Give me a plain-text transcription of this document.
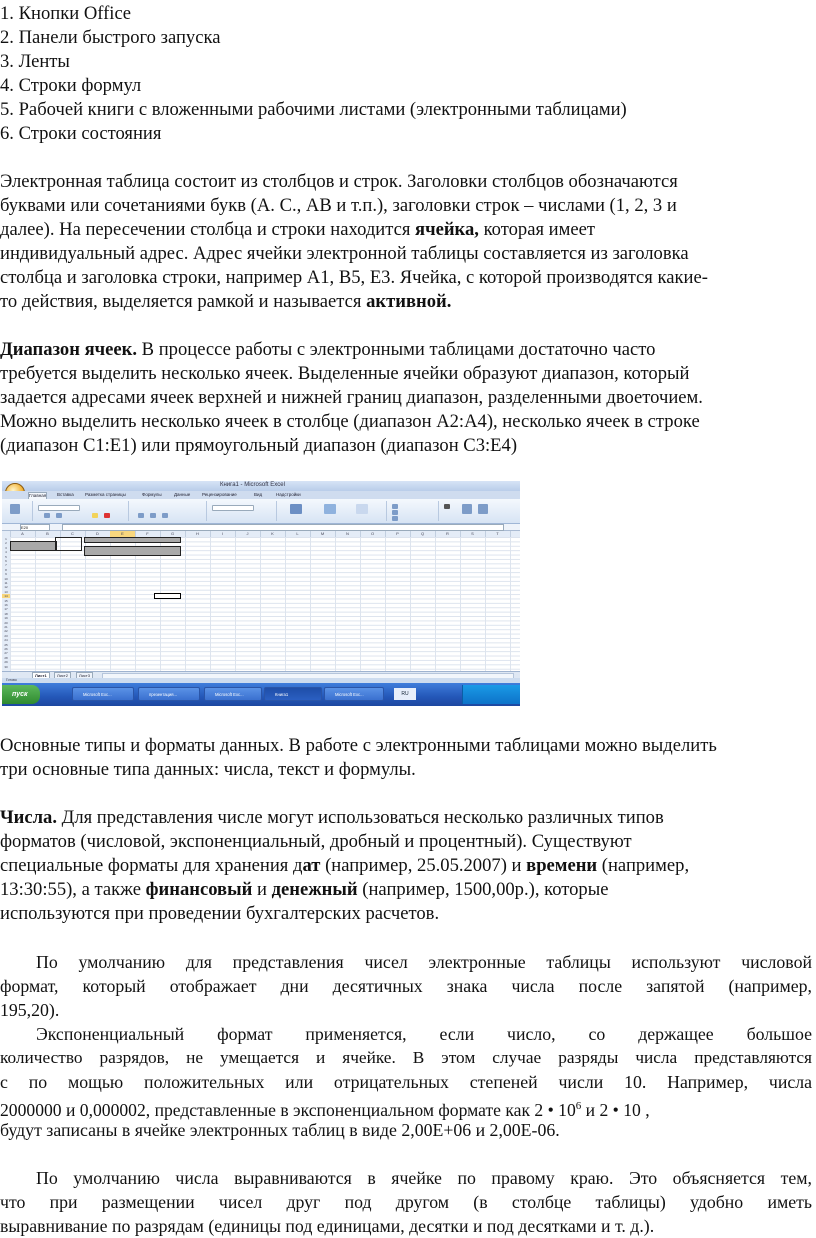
1. Кнопки Office

2. Панели быстрого запуска

3. Ленты

4. Строки формул

5. Рабочей книги с вложенными рабочими листами (электронными таблицами)

6. Строки состояния

Электронная таблица состоит из столбцов и строк. Заголовки столбцов обозначаются

буквами или сочетаниями букв (А. С., АВ и т.п.), заголовки строк – числами (1, 2, 3 и

далее). На пересечении столбца и строки находится ячейка, которая имеет

индивидуальный адрес. Адрес ячейки электронной таблицы составляется из заголовка

столбца и заголовка строки, например А1, В5, Е3. Ячейка, с которой производятся какие-

то действия, выделяется рамкой и называется активной.

Диапазон ячеек. В процессе работы с электронными таблицами достаточно часто

требуется выделить несколько ячеек. Выделенные ячейки образуют диапазон, который

задается адресами ячеек верхней и нижней границ диапазон, разделенными двоеточием.

Можно выделить несколько ячеек в столбце (диапазон А2:А4), несколько ячеек в строке

(диапазон С1:Е1) или прямоугольный диапазон (диапазон С3:Е4)

Книга1 - Microsoft Excel
Главная Вставка	Разметка страницы	Формулы	Данные	Рецензирование	Вид	Надстройки
E20
A	B	C	D	E	F	G	H	I	J	K	L	M	N	O	P	Q	R	S	T
1
2
3
4
5
6
7
8
9
10
11
12
13
14
15
16
17
18
19
20
21
22
23
24
25
26
27
28
29
30
Лист1	Лист2	Лист3
Готово
пуск	Microsoft Exc...	презентация...	Microsoft Exc...	Книга1	Microsoft Exc...	RU

Основные типы и форматы данных. В работе с электронными таблицами можно выделить

три основные типа данных: числа, текст и формулы.

Числа. Для представления числе могут использоваться несколько различных типов

форматов (числовой, экспоненциальный, дробный и процентный). Существуют

специальные форматы для хранения дат (например, 25.05.2007) и времени (например,

13:30:55), а также финансовый и денежный (например, 1500,00р.), которые

используются при проведении бухгалтерских расчетов.

По умолчанию для представления чисел электронные таблицы используют числовой

формат, который отображает дни десятичных знака числа после запятой (например,

195,20).

Экспоненциальный формат применяется, если число, со держащее большое

количество разрядов, не умещается и ячейке. В этом случае разряды числа представляются

с по мощью положительных или отрицательных степеней числи 10. Например, числа

2000000 и 0,000002, представленные в экспоненциальном формате как 2 • $10^6$ и 2 • 10 ,

будут записаны в ячейке электронных таблиц в виде 2,00Е+06 и 2,00Е-06.

По умолчанию числа выравниваются в ячейке по правому краю. Это объясняется тем,

что при размещении чисел друг под другом (в столбце таблицы) удобно иметь

выравнивание по разрядам (единицы под единицами, десятки и под десятками и т. д.).
